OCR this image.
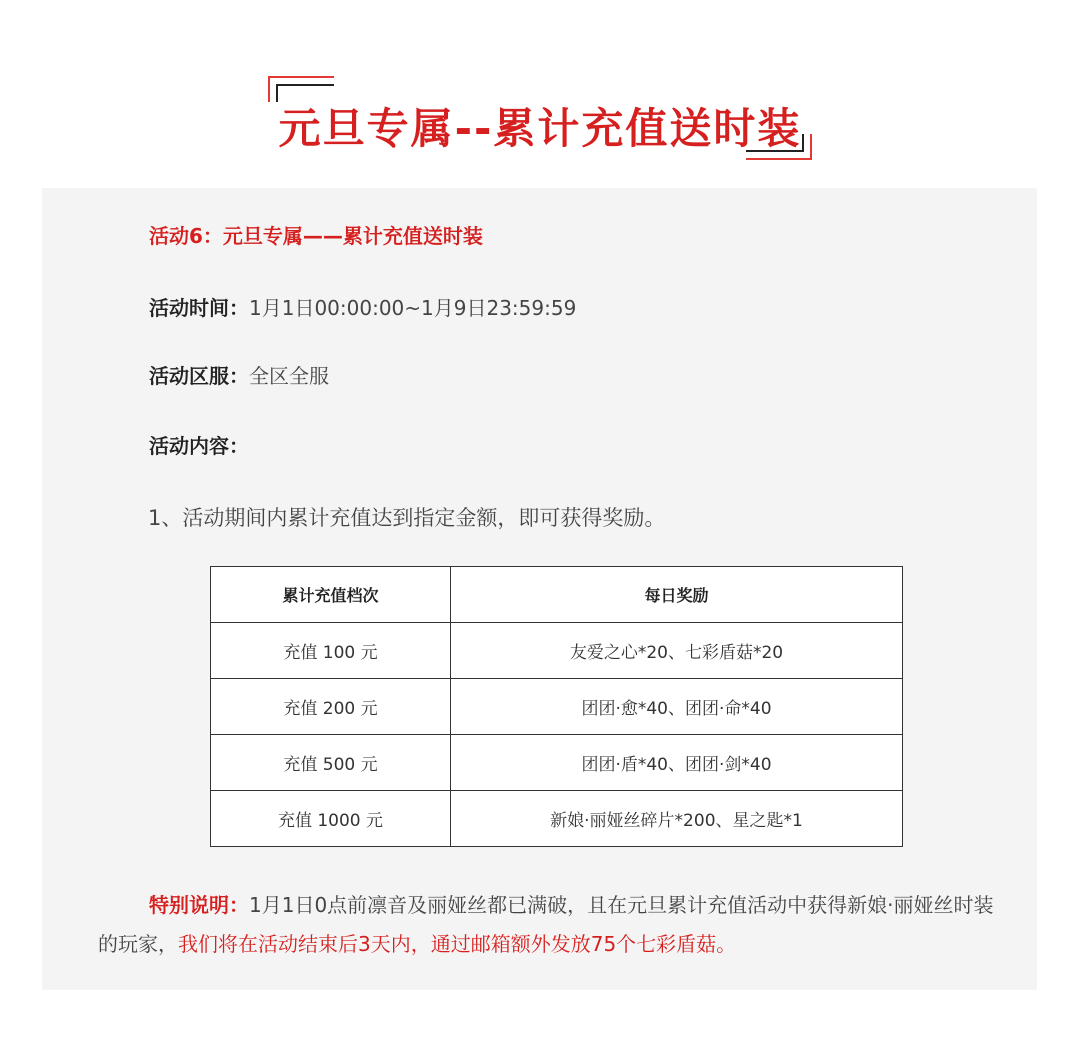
元旦专属--累计充值送时装
活动6：元旦专属——累计充值送时装
活动时间：1月1日00:00:00~1月9日23:59:59
活动区服：全区全服
活动内容：
1、活动期间内累计充值达到指定金额，即可获得奖励。
累计充值档次	每日奖励
充值 100 元	友爱之心*20、七彩盾菇*20
充值 200 元	团团·愈*40、团团·命*40
充值 500 元	团团·盾*40、团团·剑*40
充值 1000 元	新娘·丽娅丝碎片*200、星之匙*1
特别说明：1月1日0点前凛音及丽娅丝都已满破，且在元旦累计充值活动中获得新娘·丽娅丝时装的玩家，我们将在活动结束后3天内，通过邮箱额外发放75个七彩盾菇。
